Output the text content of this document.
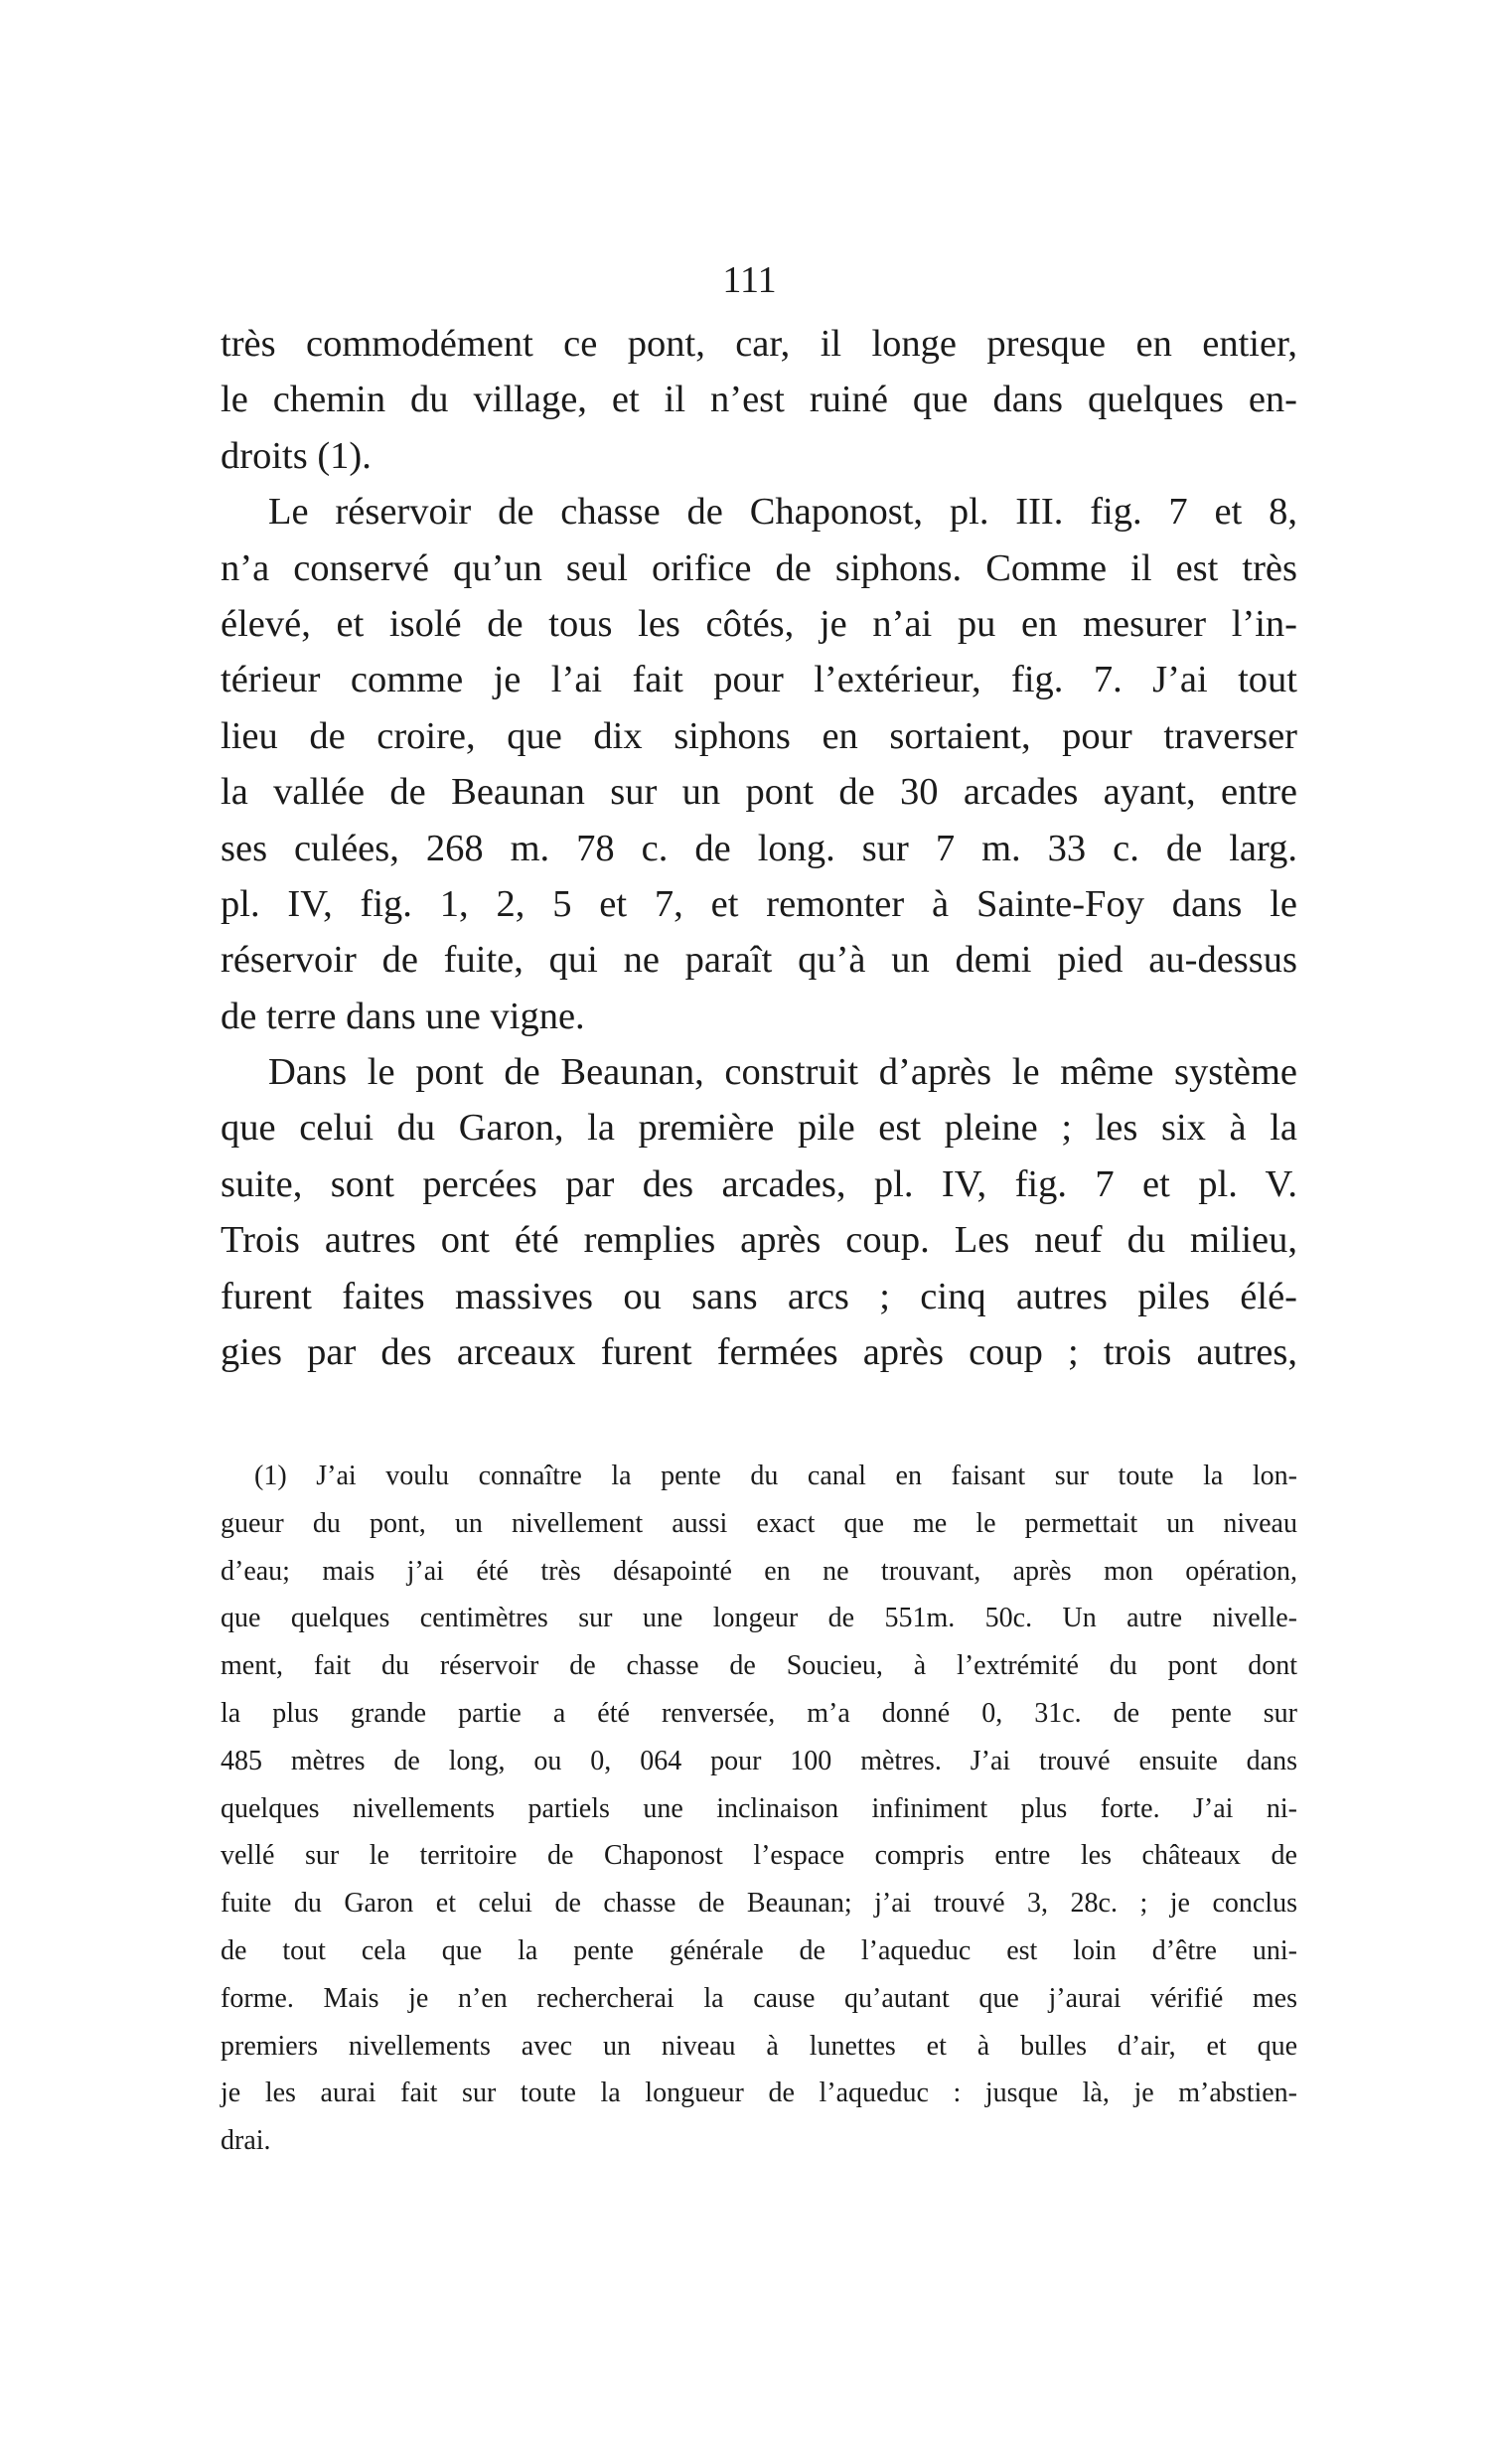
111
très commodément ce pont, car, il longe presque en entier,
le chemin du village, et il n’est ruiné que dans quelques en-
droits (1).
Le réservoir de chasse de Chaponost, pl. III. fig. 7 et 8,
n’a conservé qu’un seul orifice de siphons. Comme il est très
élevé, et isolé de tous les côtés, je n’ai pu en mesurer l’in-
térieur comme je l’ai fait pour l’extérieur, fig. 7. J’ai tout
lieu de croire, que dix siphons en sortaient, pour traverser
la vallée de Beaunan sur un pont de 30 arcades ayant, entre
ses culées, 268 m. 78 c. de long. sur 7 m. 33 c. de larg.
pl. IV, fig. 1, 2, 5 et 7, et remonter à Sainte-Foy dans le
réservoir de fuite, qui ne paraît qu’à un demi pied au-dessus
de terre dans une vigne.
Dans le pont de Beaunan, construit d’après le même système
que celui du Garon, la première pile est pleine ; les six à la
suite, sont percées par des arcades, pl. IV, fig. 7 et pl. V.
Trois autres ont été remplies après coup. Les neuf du milieu,
furent faites massives ou sans arcs ; cinq autres piles élé-
gies par des arceaux furent fermées après coup ; trois autres,
(1) J’ai voulu connaître la pente du canal en faisant sur toute la lon-
gueur du pont, un nivellement aussi exact que me le permettait un niveau
d’eau; mais j’ai été très désapointé en ne trouvant, après mon opération,
que quelques centimètres sur une longeur de 551m. 50c. Un autre nivelle-
ment, fait du réservoir de chasse de Soucieu, à l’extrémité du pont dont
la plus grande partie a été renversée, m’a donné 0, 31c. de pente sur
485 mètres de long, ou 0, 064 pour 100 mètres. J’ai trouvé ensuite dans
quelques nivellements partiels une inclinaison infiniment plus forte. J’ai ni-
vellé sur le territoire de Chaponost l’espace compris entre les châteaux de
fuite du Garon et celui de chasse de Beaunan; j’ai trouvé 3, 28c. ; je conclus
de tout cela que la pente générale de l’aqueduc est loin d’être uni-
forme. Mais je n’en rechercherai la cause qu’autant que j’aurai vérifié mes
premiers nivellements avec un niveau à lunettes et à bulles d’air, et que
je les aurai fait sur toute la longueur de l’aqueduc : jusque là, je m’abstien-
drai.
